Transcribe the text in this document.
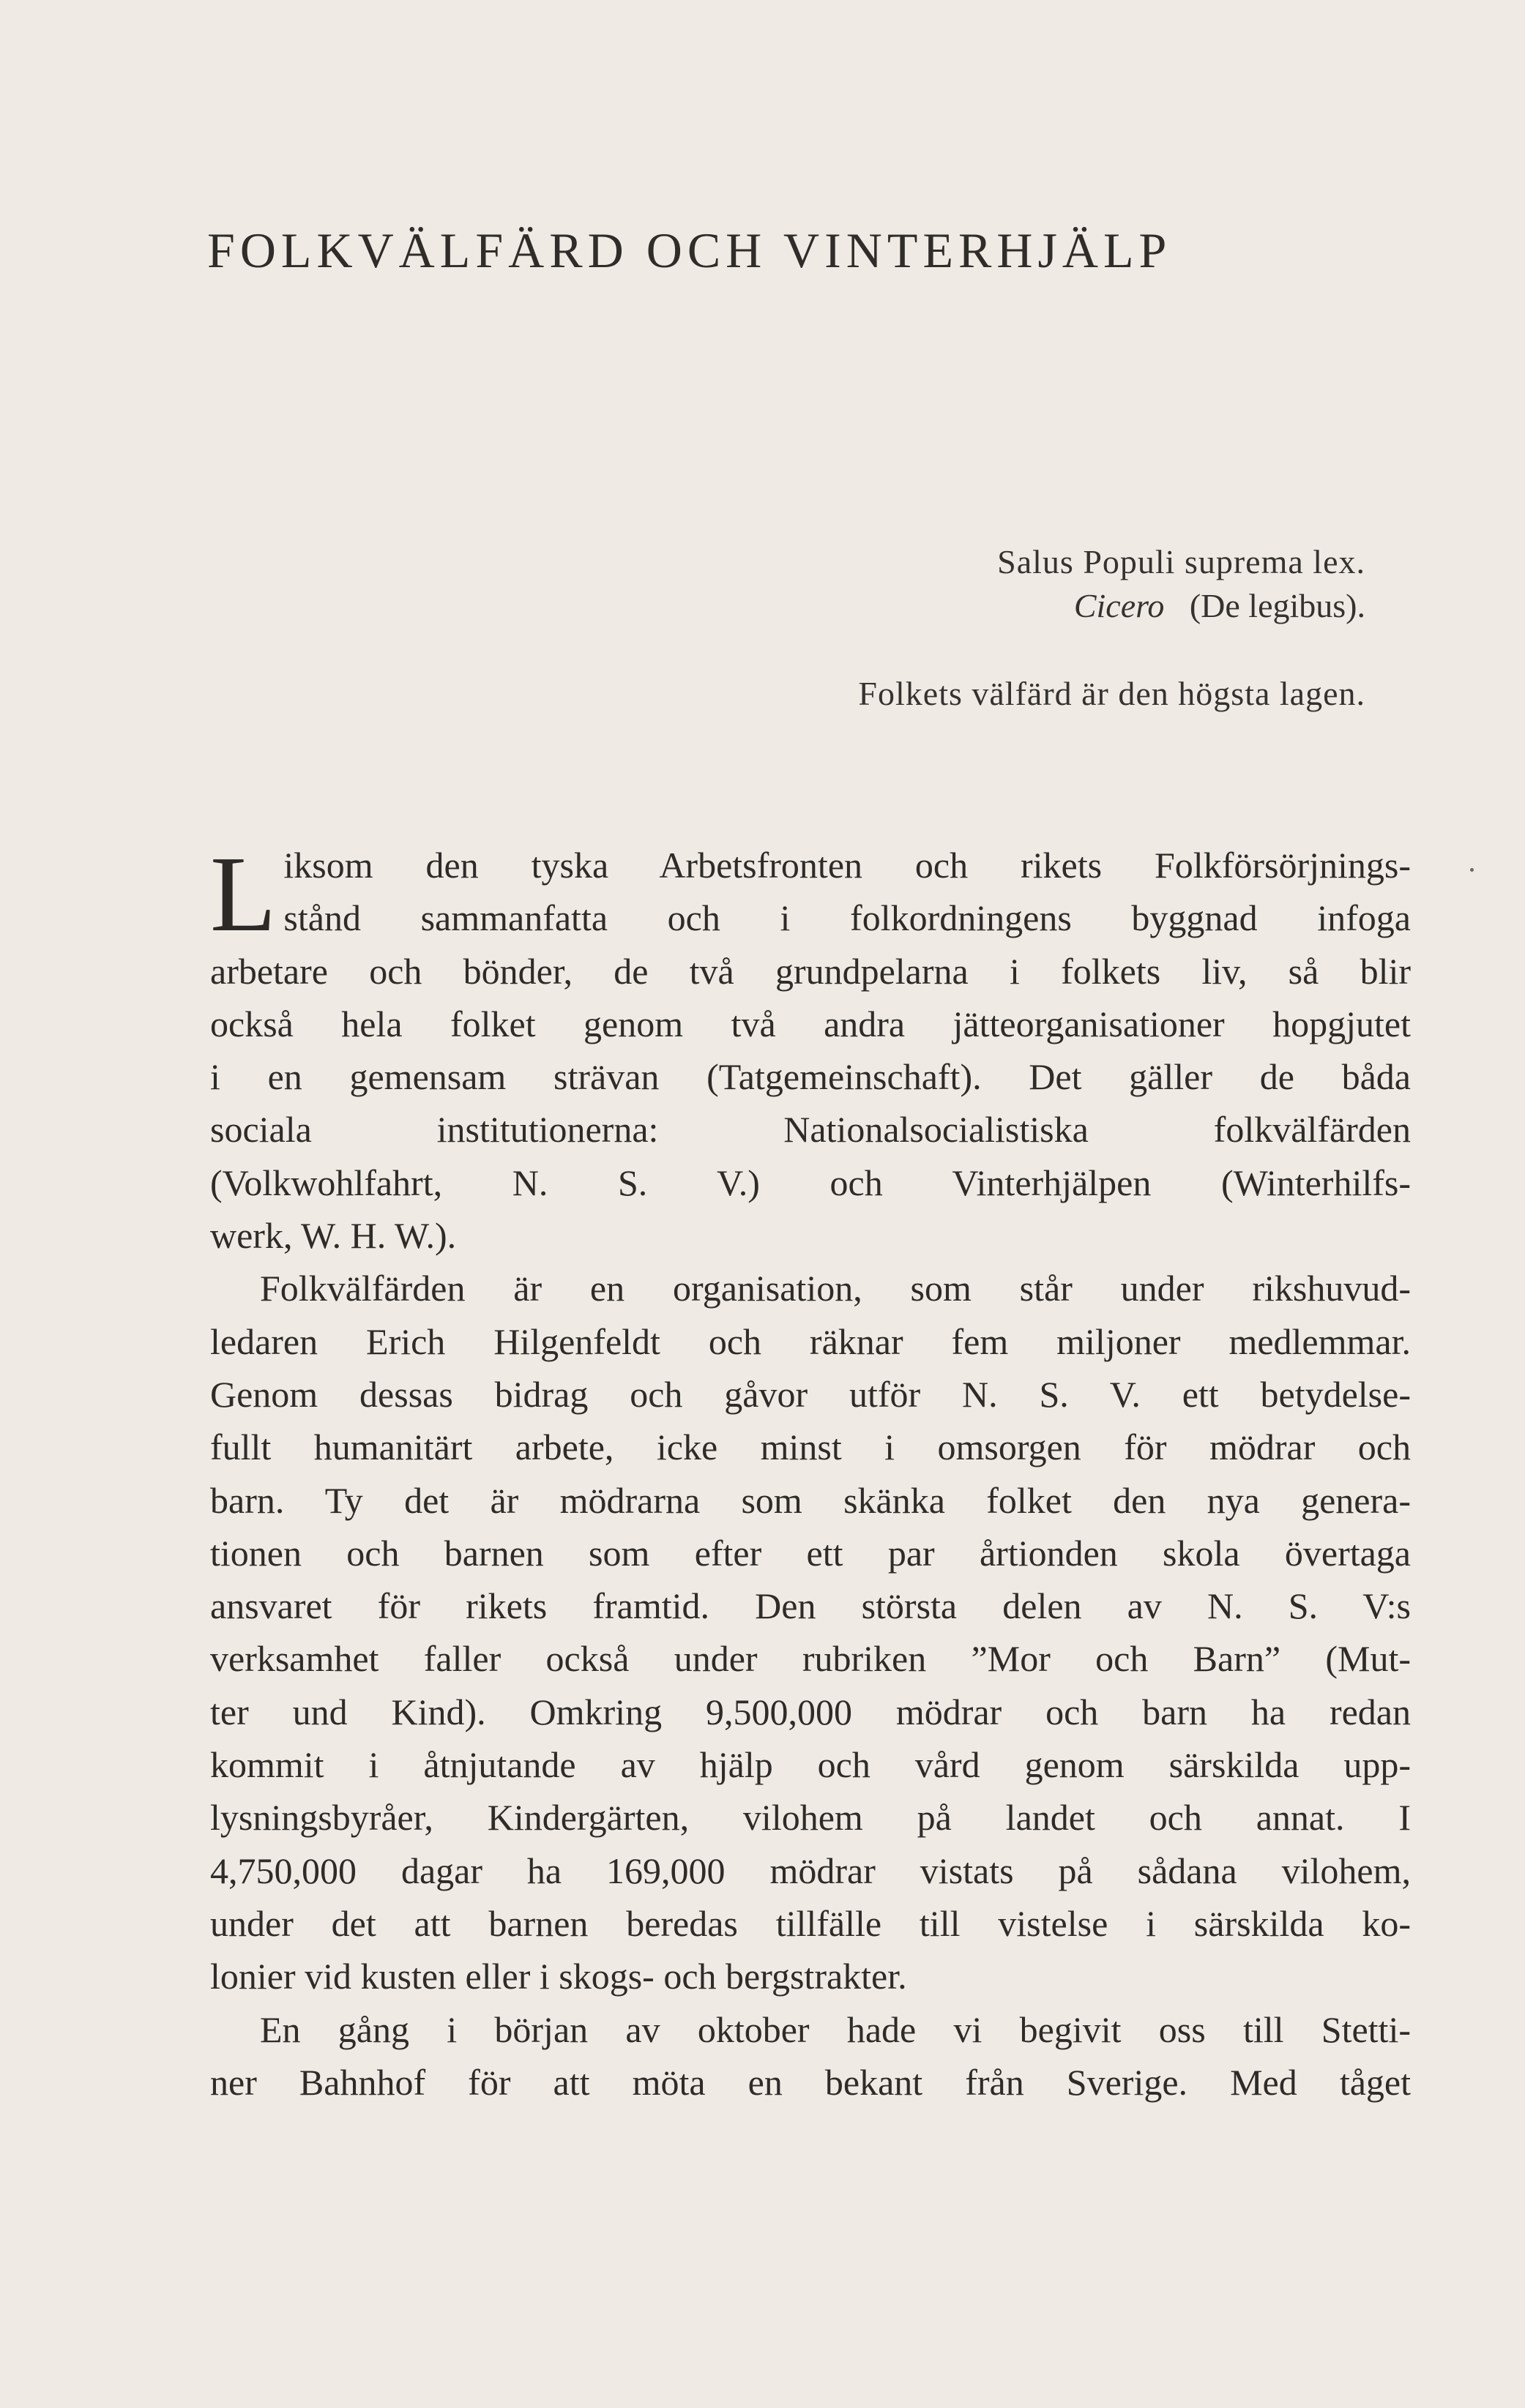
FOLKVÄLFÄRD OCH VINTERHJÄLP
Salus Populi suprema lex.
Cicero (De legibus).
Folkets välfärd är den högsta lagen.
L iksom den tyska Arbetsfronten och rikets Folkförsörjnings-
stånd sammanfatta och i folkordningens byggnad infoga
arbetare och bönder, de två grundpelarna i folkets liv, så blir
också hela folket genom två andra jätteorganisationer hopgjutet
i en gemensam strävan (Tatgemeinschaft). Det gäller de båda
sociala institutionerna: Nationalsocialistiska folkvälfärden
(Volkwohlfahrt, N. S. V.) och Vinterhjälpen (Winterhilfs-
werk, W. H. W.).
Folkvälfärden är en organisation, som står under rikshuvud-
ledaren Erich Hilgenfeldt och räknar fem miljoner medlemmar.
Genom dessas bidrag och gåvor utför N. S. V. ett betydelse-
fullt humanitärt arbete, icke minst i omsorgen för mödrar och
barn. Ty det är mödrarna som skänka folket den nya genera-
tionen och barnen som efter ett par årtionden skola övertaga
ansvaret för rikets framtid. Den största delen av N. S. V:s
verksamhet faller också under rubriken ”Mor och Barn” (Mut-
ter und Kind). Omkring 9,500,000 mödrar och barn ha redan
kommit i åtnjutande av hjälp och vård genom särskilda upp-
lysningsbyråer, Kindergärten, vilohem på landet och annat. I
4,750,000 dagar ha 169,000 mödrar vistats på sådana vilohem,
under det att barnen beredas tillfälle till vistelse i särskilda ko-
lonier vid kusten eller i skogs- och bergstrakter.
En gång i början av oktober hade vi begivit oss till Stetti-
ner Bahnhof för att möta en bekant från Sverige. Med tåget
